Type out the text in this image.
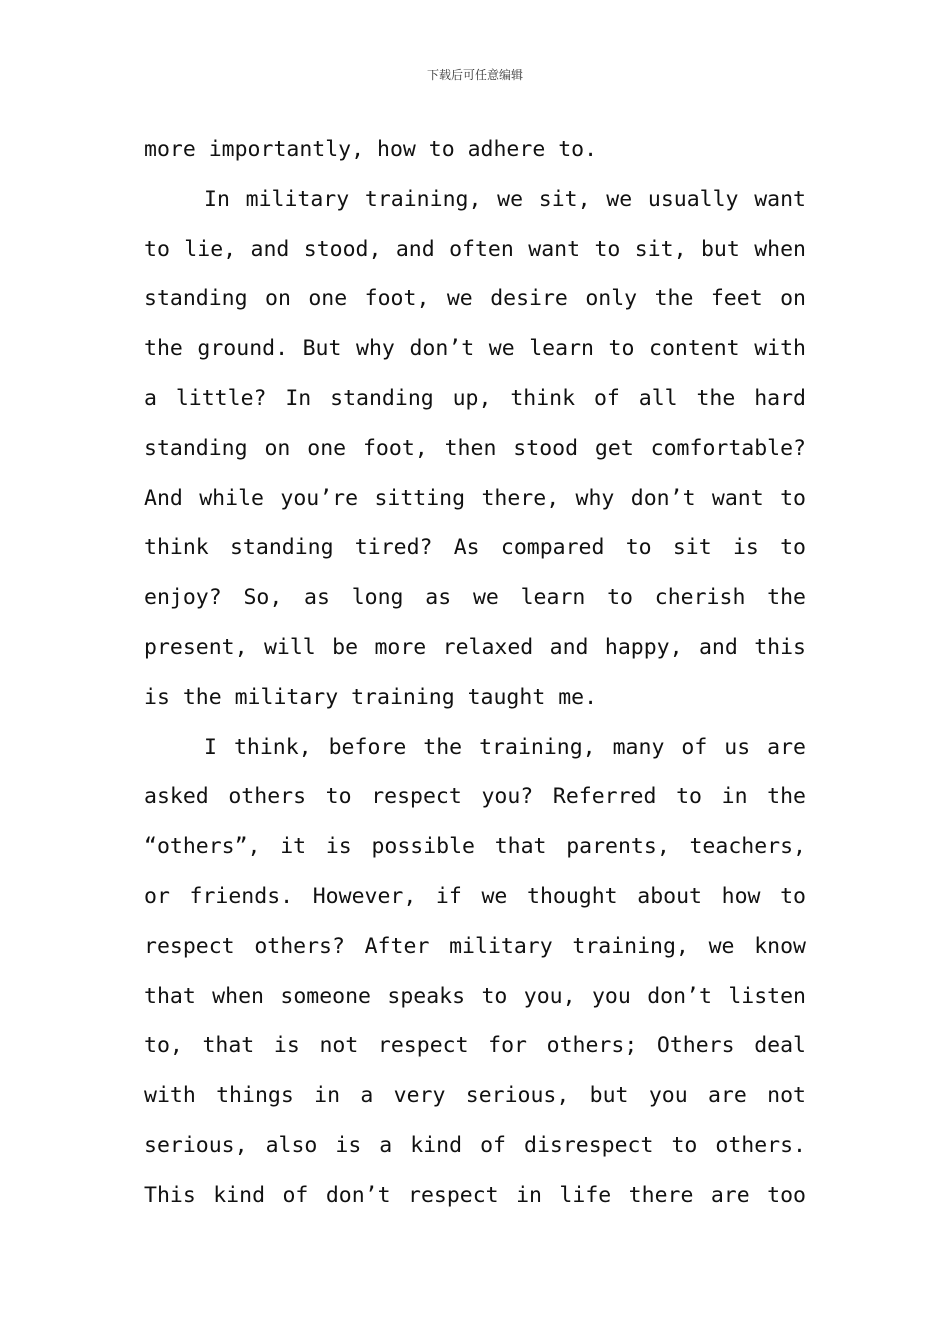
下载后可任意编辑
more importantly, how to adhere to.
In military training, we sit, we usually want
to lie, and stood, and often want to sit, but when
standing on one foot, we desire only the feet on
the ground. But why don’t we learn to content with
a little? In standing up, think of all the hard
standing on one foot, then stood get comfortable?
And while you’re sitting there, why don’t want to
think standing tired? As compared to sit is to
enjoy? So, as long as we learn to cherish the
present, will be more relaxed and happy, and this
is the military training taught me.
I think, before the training, many of us are
asked others to respect you? Referred to in the
“others”, it is possible that parents, teachers,
or friends. However, if we thought about how to
respect others? After military training, we know
that when someone speaks to you, you don’t listen
to, that is not respect for others; Others deal
with things in a very serious, but you are not
serious, also is a kind of disrespect to others.
This kind of don’t respect in life there are too
